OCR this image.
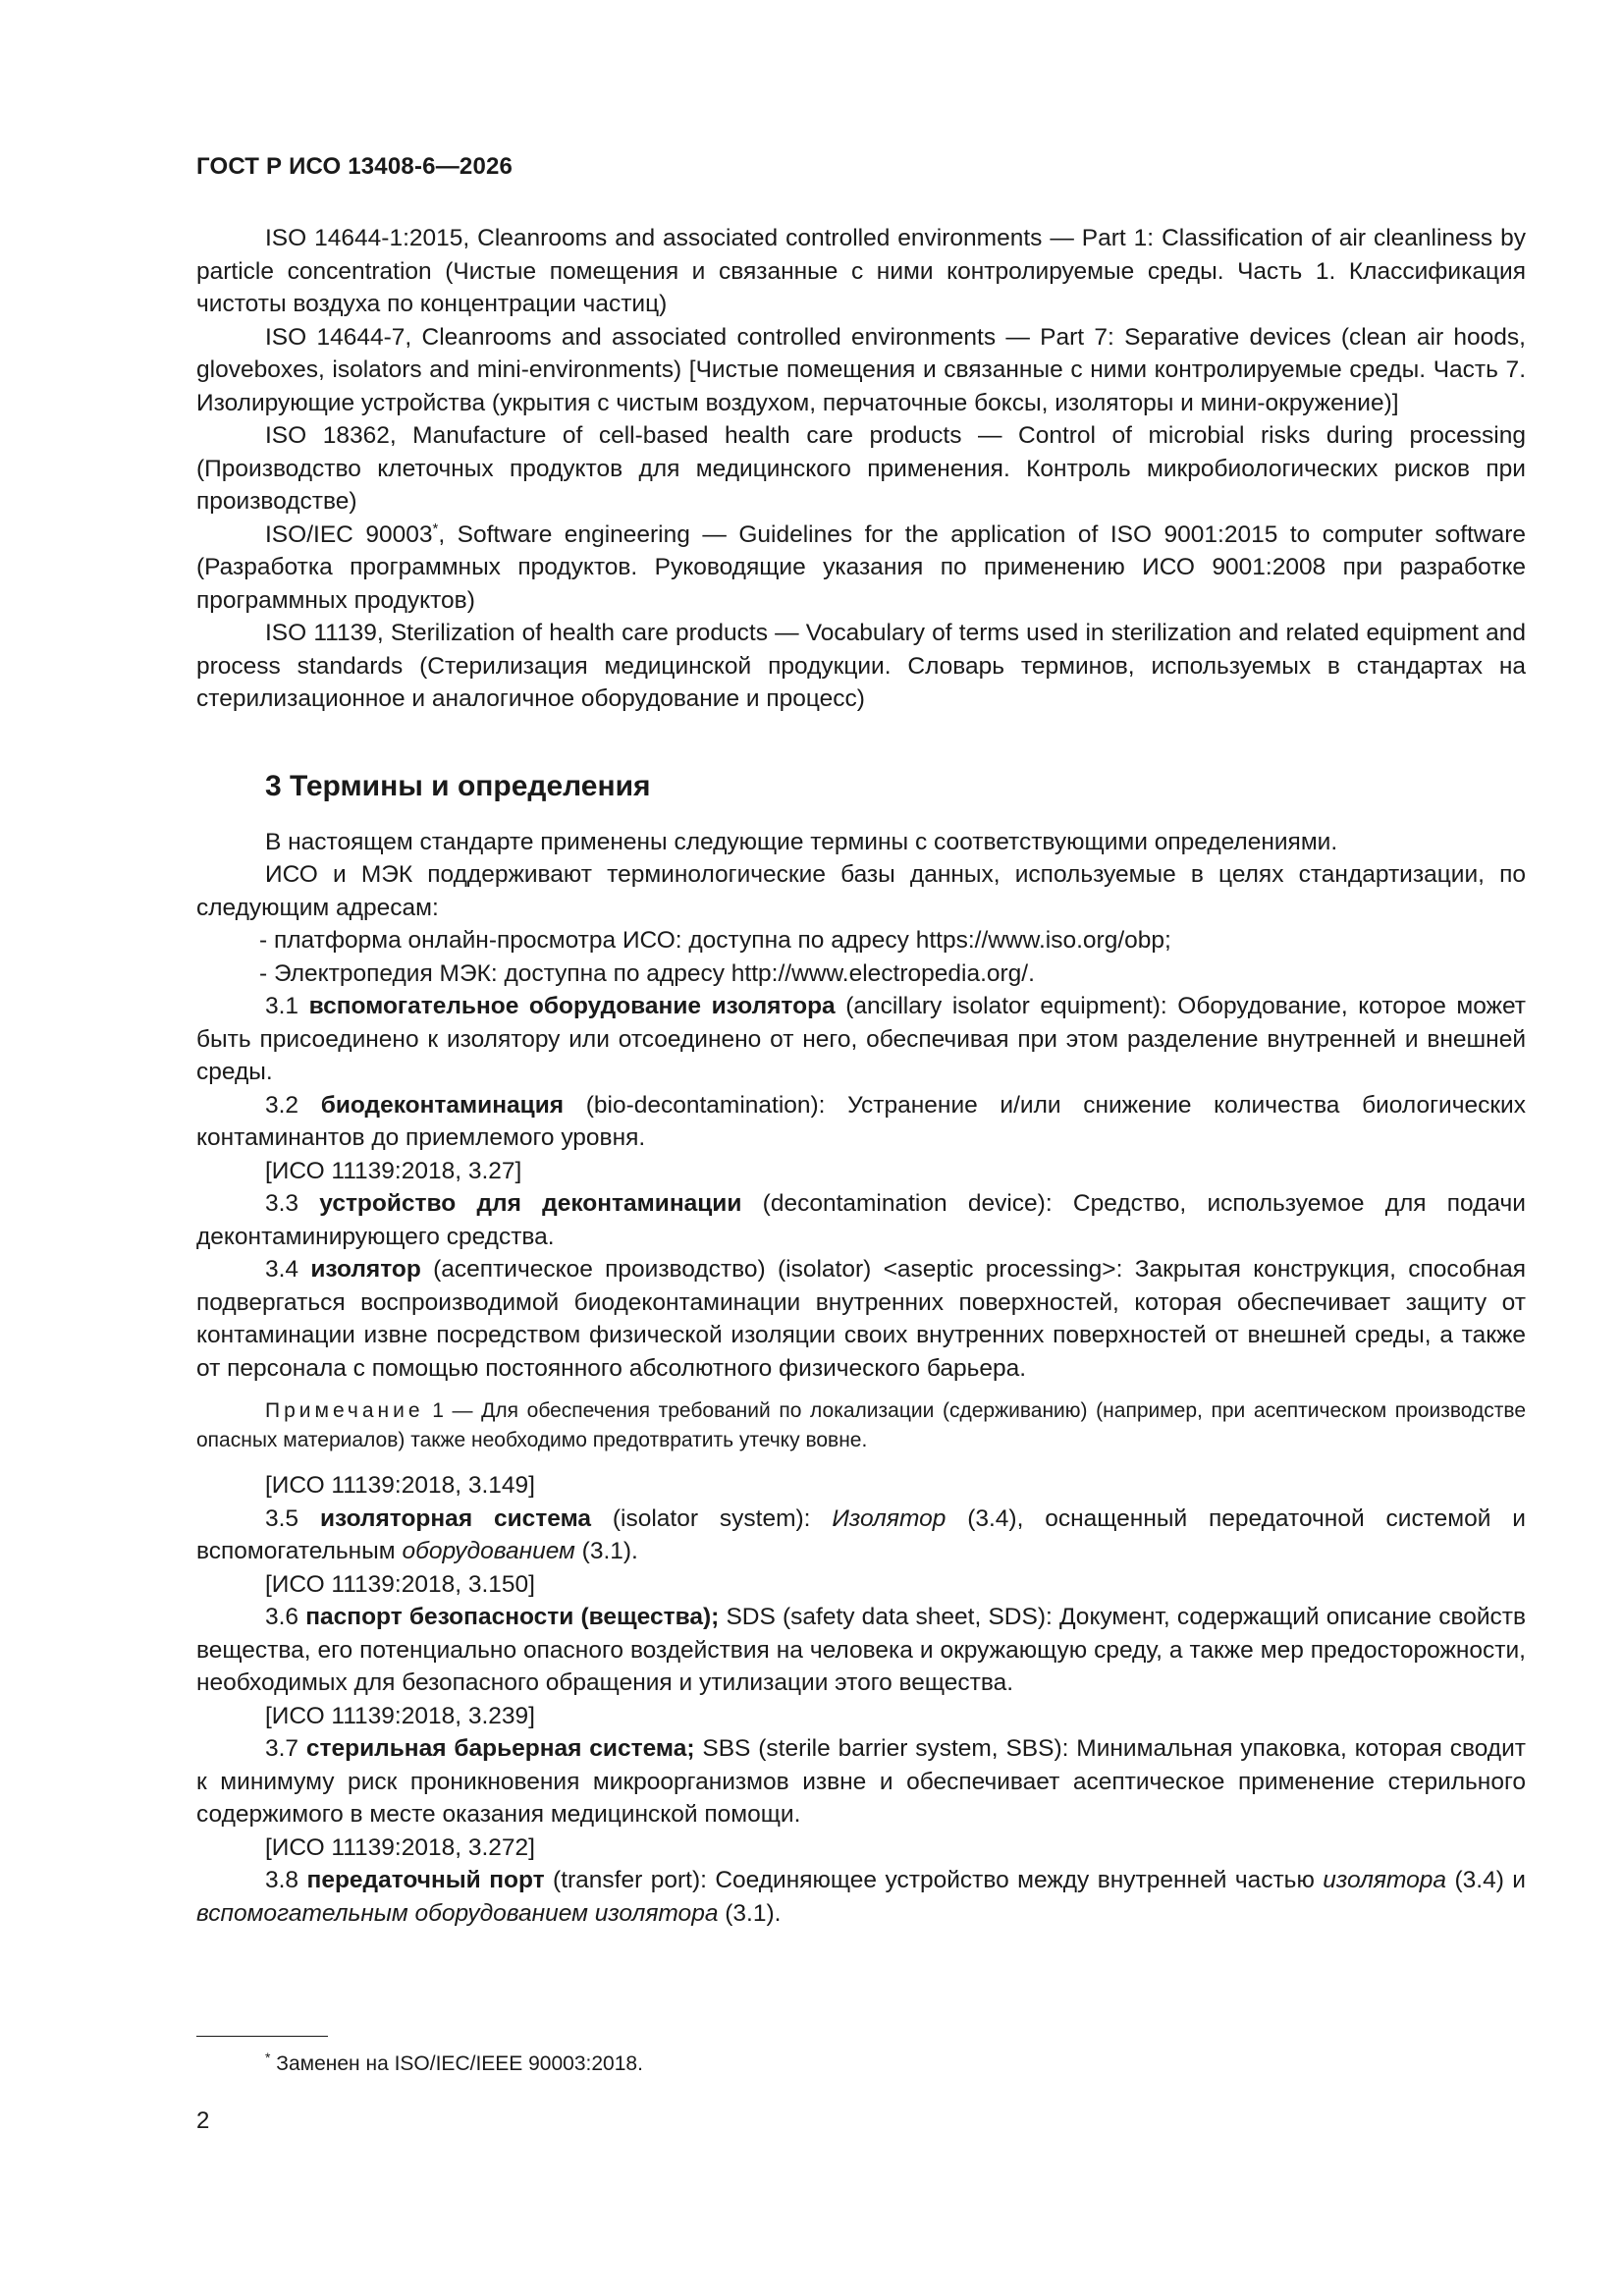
ГОСТ Р ИСО 13408-6—2026

ISO 14644-1:2015, Cleanrooms and associated controlled environments — Part 1: Classification of air cleanliness by particle concentration (Чистые помещения и связанные с ними контролируемые среды. Часть 1. Классификация чистоты воздуха по концентрации частиц)

ISO 14644-7, Cleanrooms and associated controlled environments — Part 7: Separative devices (clean air hoods, gloveboxes, isolators and mini-environments) [Чистые помещения и связанные с ними контролируемые среды. Часть 7. Изолирующие устройства (укрытия с чистым воздухом, перчаточные боксы, изоляторы и мини-окружение)]

ISO 18362, Manufacture of cell-based health care products — Control of microbial risks during processing (Производство клеточных продуктов для медицинского применения. Контроль микробиологических рисков при производстве)

ISO/IEC 90003*, Software engineering — Guidelines for the application of ISO 9001:2015 to computer software (Разработка программных продуктов. Руководящие указания по применению ИСО 9001:2008 при разработке программных продуктов)

ISO 11139, Sterilization of health care products — Vocabulary of terms used in sterilization and related equipment and process standards (Стерилизация медицинской продукции. Словарь терминов, используемых в стандартах на стерилизационное и аналогичное оборудование и процесс)

3 Термины и определения

В настоящем стандарте применены следующие термины с соответствующими определениями.

ИСО и МЭК поддерживают терминологические базы данных, используемые в целях стандартизации, по следующим адресам:

- платформа онлайн-просмотра ИСО: доступна по адресу https://www.iso.org/obp;

- Электропедия МЭК: доступна по адресу http://www.electropedia.org/.

3.1 вспомогательное оборудование изолятора (ancillary isolator equipment): Оборудование, которое может быть присоединено к изолятору или отсоединено от него, обеспечивая при этом разделение внутренней и внешней среды.

3.2 биодеконтаминация (bio-decontamination): Устранение и/или снижение количества биологических контаминантов до приемлемого уровня.

[ИСО 11139:2018, 3.27]

3.3 устройство для деконтаминации (decontamination device): Средство, используемое для подачи деконтаминирующего средства.

3.4 изолятор (асептическое производство) (isolator) <aseptic processing>: Закрытая конструкция, способная подвергаться воспроизводимой биодеконтаминации внутренних поверхностей, которая обеспечивает защиту от контаминации извне посредством физической изоляции своих внутренних поверхностей от внешней среды, а также от персонала с помощью постоянного абсолютного физического барьера.

Примечание 1 — Для обеспечения требований по локализации (сдерживанию) (например, при асептическом производстве опасных материалов) также необходимо предотвратить утечку вовне.

[ИСО 11139:2018, 3.149]

3.5 изоляторная система (isolator system): Изолятор (3.4), оснащенный передаточной системой и вспомогательным оборудованием (3.1).

[ИСО 11139:2018, 3.150]

3.6 паспорт безопасности (вещества); SDS (safety data sheet, SDS): Документ, содержащий описание свойств вещества, его потенциально опасного воздействия на человека и окружающую среду, а также мер предосторожности, необходимых для безопасного обращения и утилизации этого вещества.

[ИСО 11139:2018, 3.239]

3.7 стерильная барьерная система; SBS (sterile barrier system, SBS): Минимальная упаковка, которая сводит к минимуму риск проникновения микроорганизмов извне и обеспечивает асептическое применение стерильного содержимого в месте оказания медицинской помощи.

[ИСО 11139:2018, 3.272]

3.8 передаточный порт (transfer port): Соединяющее устройство между внутренней частью изолятора (3.4) и вспомогательным оборудованием изолятора (3.1).

* Заменен на ISO/IEC/IEEE 90003:2018.
2
